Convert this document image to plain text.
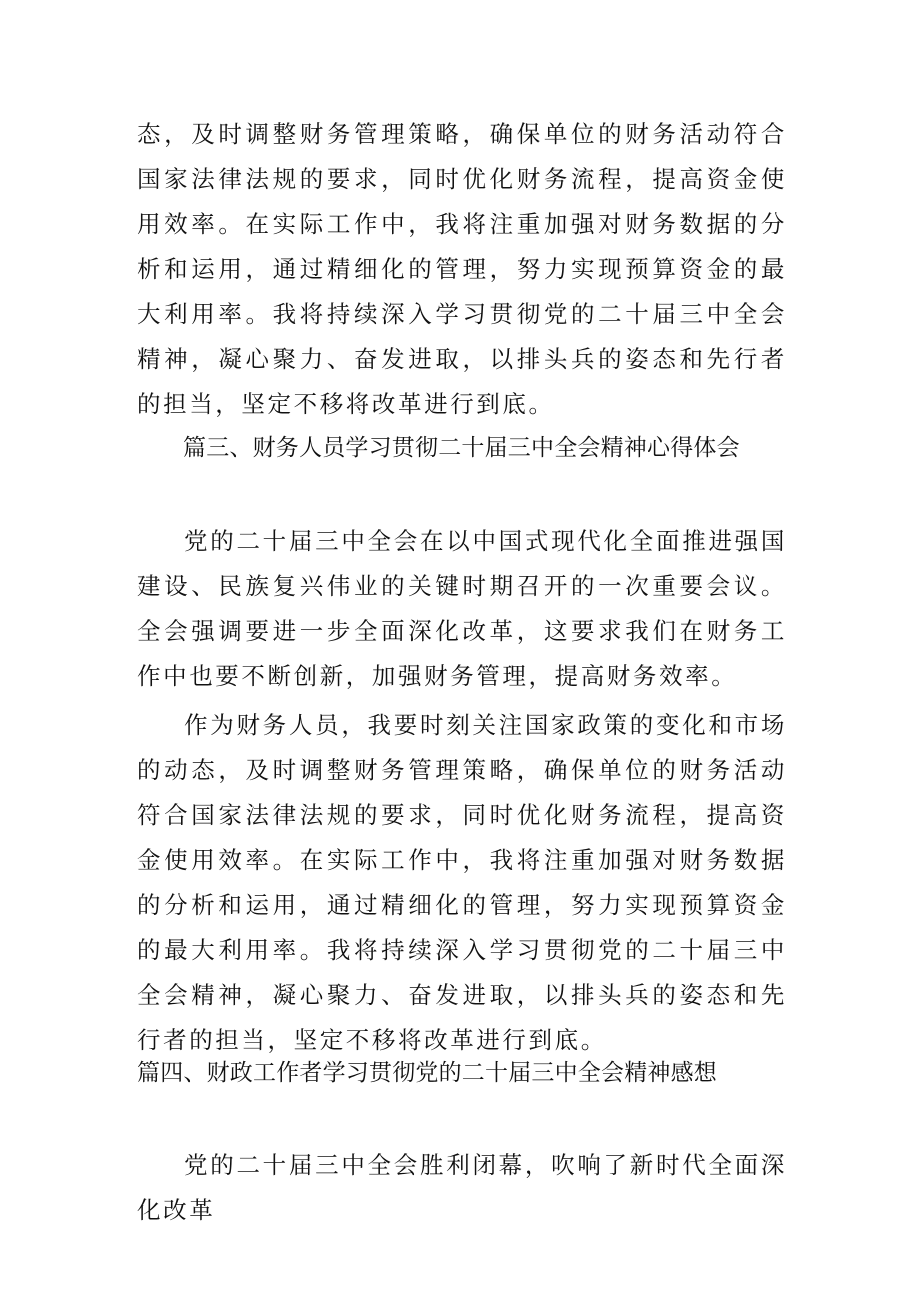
态，及时调整财务管理策略，确保单位的财务活动符合国家法律法规的要求，同时优化财务流程，提高资金使用效率。在实际工作中，我将注重加强对财务数据的分析和运用，通过精细化的管理，努力实现预算资金的最大利用率。我将持续深入学习贯彻党的二十届三中全会精神，凝心聚力、奋发进取，以排头兵的姿态和先行者的担当，坚定不移将改革进行到底。

篇三、财务人员学习贯彻二十届三中全会精神心得体会

党的二十届三中全会在以中国式现代化全面推进强国建设、民族复兴伟业的关键时期召开的一次重要会议。全会强调要进一步全面深化改革，这要求我们在财务工作中也要不断创新，加强财务管理，提高财务效率。

作为财务人员，我要时刻关注国家政策的变化和市场的动态，及时调整财务管理策略，确保单位的财务活动符合国家法律法规的要求，同时优化财务流程，提高资金使用效率。在实际工作中，我将注重加强对财务数据的分析和运用，通过精细化的管理，努力实现预算资金的最大利用率。我将持续深入学习贯彻党的二十届三中全会精神，凝心聚力、奋发进取，以排头兵的姿态和先行者的担当，坚定不移将改革进行到底。

篇四、财政工作者学习贯彻党的二十届三中全会精神感想

党的二十届三中全会胜利闭幕，吹响了新时代全面深化改革
